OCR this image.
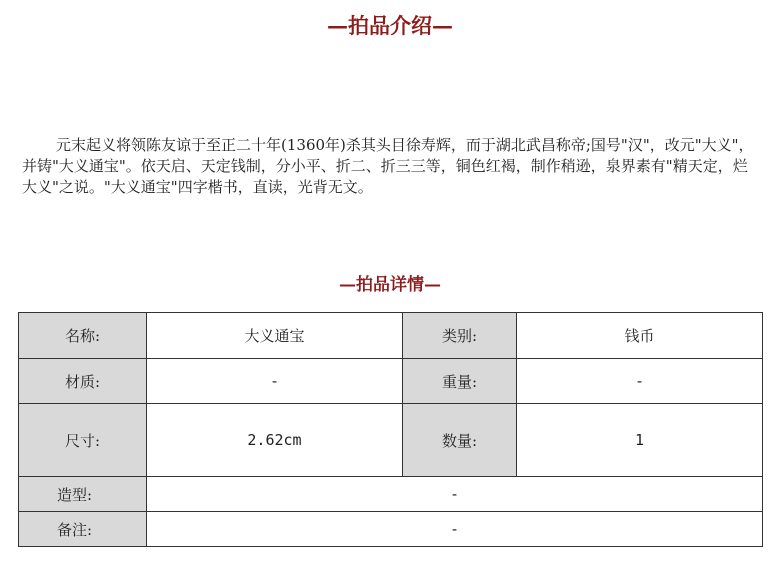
—拍品介绍—

元末起义将领陈友谅于至正二十年(1360年)杀其头目徐寿辉，而于湖北武昌称帝;国号"汉"，改元"大义"，并铸"大义通宝"。依天启、天定钱制，分小平、折二、折三三等，铜色红褐，制作稍逊，泉界素有"精天定，烂大义"之说。"大义通宝"四字楷书，直读，光背无文。

—拍品详情—
名称:	大义通宝	类别:	钱币
材质:	-	重量:	-
尺寸:	2.62cm	数量:	1
造型:	-		
备注:	-		
